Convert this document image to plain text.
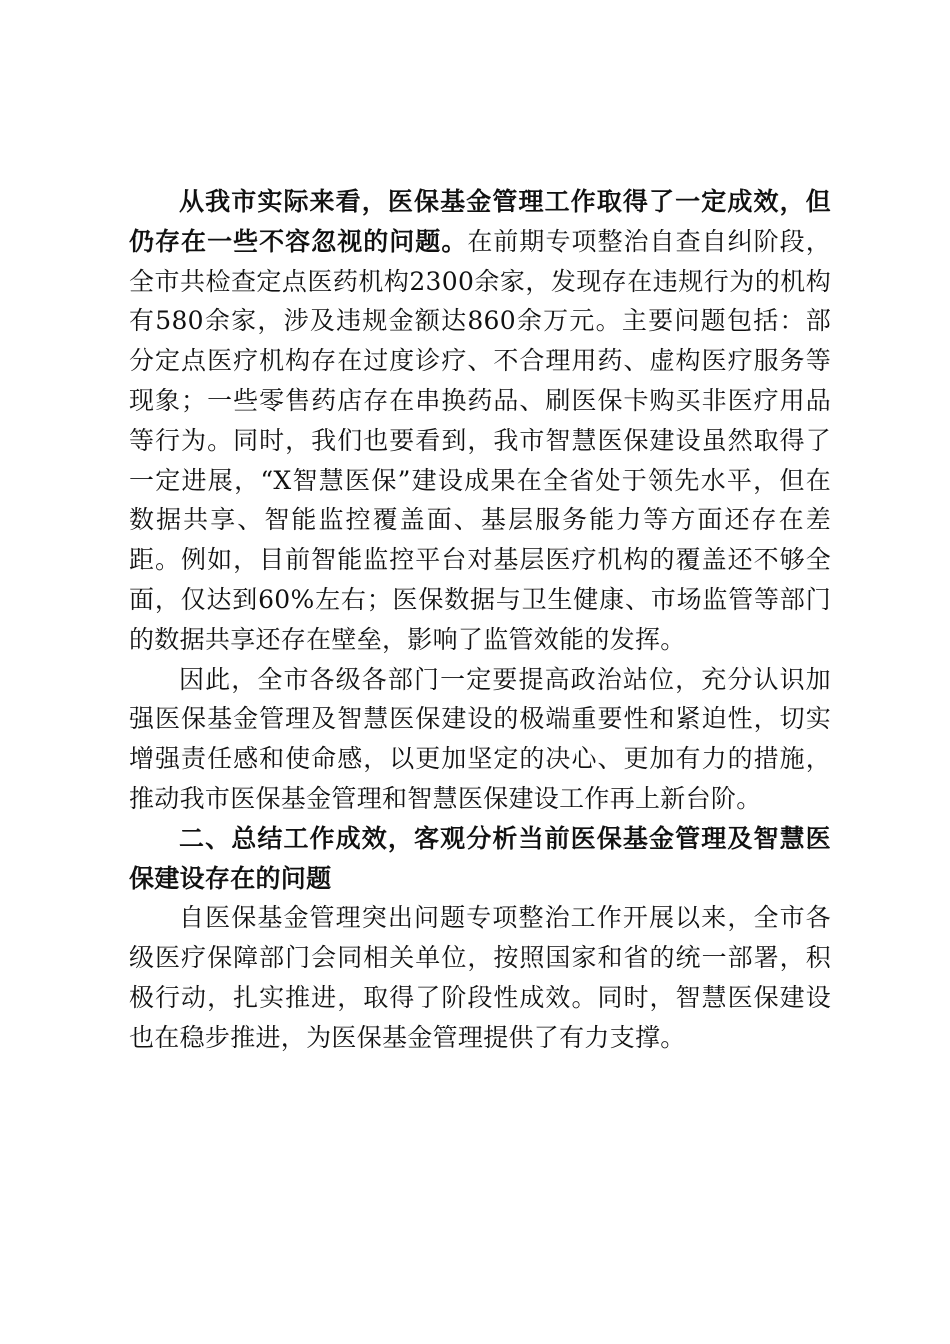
从我市实际来看，医保基金管理工作取得了一定成效，但仍存在一些不容忽视的问题。在前期专项整治自查自纠阶段，全市共检查定点医药机构2300余家，发现存在违规行为的机构有580余家，涉及违规金额达860余万元。主要问题包括：部分定点医疗机构存在过度诊疗、不合理用药、虚构医疗服务等现象；一些零售药店存在串换药品、刷医保卡购买非医疗用品等行为。同时，我们也要看到，我市智慧医保建设虽然取得了一定进展，“X智慧医保”建设成果在全省处于领先水平，但在数据共享、智能监控覆盖面、基层服务能力等方面还存在差距。例如，目前智能监控平台对基层医疗机构的覆盖还不够全面，仅达到60%左右；医保数据与卫生健康、市场监管等部门的数据共享还存在壁垒，影响了监管效能的发挥。

因此，全市各级各部门一定要提高政治站位，充分认识加强医保基金管理及智慧医保建设的极端重要性和紧迫性，切实增强责任感和使命感，以更加坚定的决心、更加有力的措施，推动我市医保基金管理和智慧医保建设工作再上新台阶。

二、总结工作成效，客观分析当前医保基金管理及智慧医保建设存在的问题

自医保基金管理突出问题专项整治工作开展以来，全市各级医疗保障部门会同相关单位，按照国家和省的统一部署，积极行动，扎实推进，取得了阶段性成效。同时，智慧医保建设也在稳步推进，为医保基金管理提供了有力支撑。
